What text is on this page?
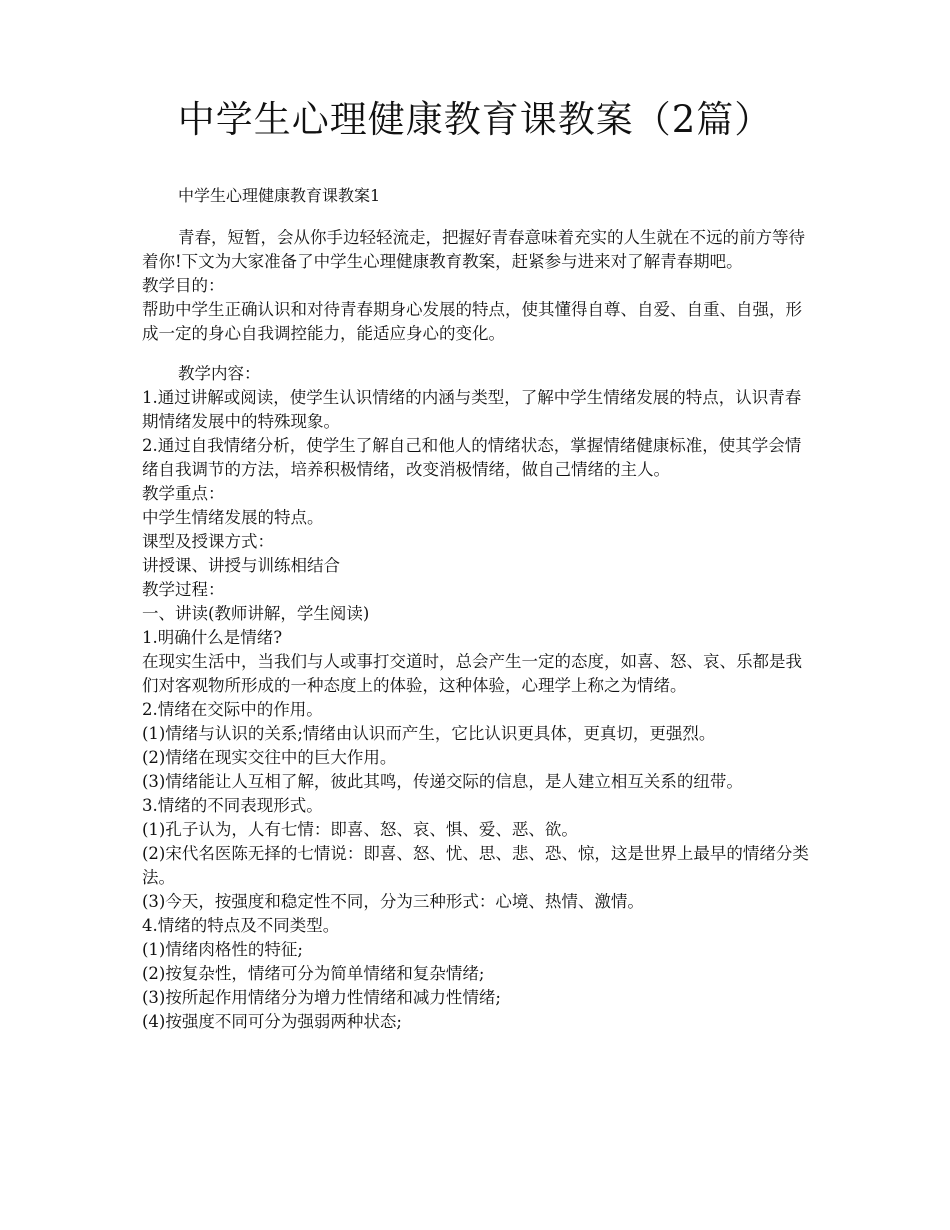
中学生心理健康教育课教案（2篇）

中学生心理健康教育课教案1

青春，短暂，会从你手边轻轻流走，把握好青春意味着充实的人生就在不远的前方等待着你!下文为大家准备了中学生心理健康教育教案，赶紧参与进来对了解青春期吧。

教学目的：

帮助中学生正确认识和对待青春期身心发展的特点，使其懂得自尊、自爱、自重、自强，形成一定的身心自我调控能力，能适应身心的变化。

教学内容：

1.通过讲解或阅读，使学生认识情绪的内涵与类型，了解中学生情绪发展的特点，认识青春期情绪发展中的特殊现象。

2.通过自我情绪分析，使学生了解自己和他人的情绪状态，掌握情绪健康标准，使其学会情绪自我调节的方法，培养积极情绪，改变消极情绪，做自己情绪的主人。

教学重点：

中学生情绪发展的特点。

课型及授课方式：

讲授课、讲授与训练相结合

教学过程：

一、讲读(教师讲解，学生阅读)

1.明确什么是情绪?

在现实生活中，当我们与人或事打交道时，总会产生一定的态度，如喜、怒、哀、乐都是我们对客观物所形成的一种态度上的体验，这种体验，心理学上称之为情绪。

2.情绪在交际中的作用。

(1)情绪与认识的关系;情绪由认识而产生，它比认识更具体，更真切，更强烈。

(2)情绪在现实交往中的巨大作用。

(3)情绪能让人互相了解，彼此其鸣，传递交际的信息，是人建立相互关系的纽带。

3.情绪的不同表现形式。

(1)孔子认为，人有七情：即喜、怒、哀、惧、爱、恶、欲。

(2)宋代名医陈无择的七情说：即喜、怒、忧、思、悲、恐、惊，这是世界上最早的情绪分类法。

(3)今天，按强度和稳定性不同，分为三种形式：心境、热情、激情。

4.情绪的特点及不同类型。

(1)情绪肉格性的特征;

(2)按复杂性，情绪可分为简单情绪和复杂情绪;

(3)按所起作用情绪分为增力性情绪和减力性情绪;

(4)按强度不同可分为强弱两种状态;
